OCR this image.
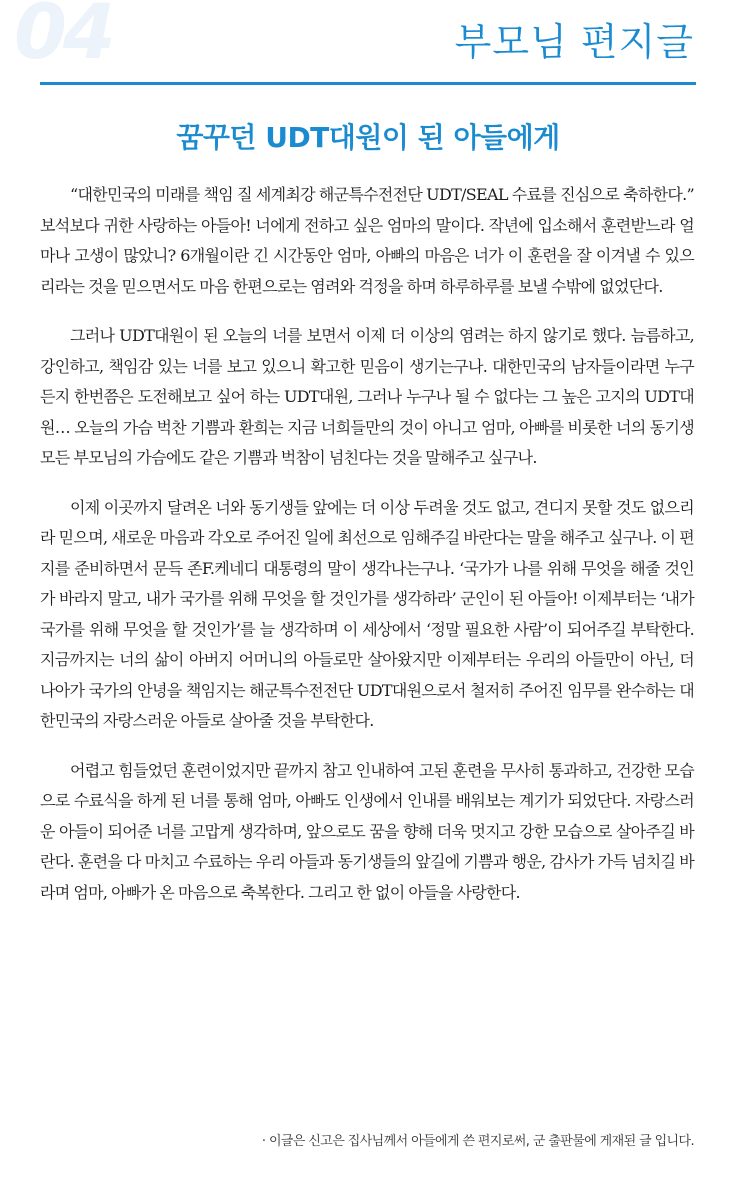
04	부모님 편지글
꿈꾸던 UDT대원이 된 아들에게

“대한민국의 미래를 책임 질 세계최강 해군특수전전단 UDT/SEAL 수료를 진심으로 축하한다.” 보석보다 귀한 사랑하는 아들아! 너에게 전하고 싶은 엄마의 말이다. 작년에 입소해서 훈련받느라 얼마나 고생이 많았니? 6개월이란 긴 시간동안 엄마, 아빠의 마음은 너가 이 훈련을 잘 이겨낼 수 있으리라는 것을 믿으면서도 마음 한편으로는 염려와 걱정을 하며 하루하루를 보낼 수밖에 없었단다.

그러나 UDT대원이 된 오늘의 너를 보면서 이제 더 이상의 염려는 하지 않기로 했다. 늠름하고, 강인하고, 책임감 있는 너를 보고 있으니 확고한 믿음이 생기는구나. 대한민국의 남자들이라면 누구든지 한번쯤은 도전해보고 싶어 하는 UDT대원, 그러나 누구나 될 수 없다는 그 높은 고지의 UDT대원… 오늘의 가슴 벅찬 기쁨과 환희는 지금 너희들만의 것이 아니고 엄마, 아빠를 비롯한 너의 동기생 모든 부모님의 가슴에도 같은 기쁨과 벅참이 넘친다는 것을 말해주고 싶구나.

이제 이곳까지 달려온 너와 동기생들 앞에는 더 이상 두려울 것도 없고, 견디지 못할 것도 없으리라 믿으며, 새로운 마음과 각오로 주어진 일에 최선으로 임해주길 바란다는 말을 해주고 싶구나. 이 편지를 준비하면서 문득 존F.케네디 대통령의 말이 생각나는구나. ‘국가가 나를 위해 무엇을 해줄 것인가 바라지 말고, 내가 국가를 위해 무엇을 할 것인가를 생각하라’ 군인이 된 아들아! 이제부터는 ‘내가 국가를 위해 무엇을 할 것인가’를 늘 생각하며 이 세상에서 ‘정말 필요한 사람’이 되어주길 부탁한다. 지금까지는 너의 삶이 아버지 어머니의 아들로만 살아왔지만 이제부터는 우리의 아들만이 아닌, 더 나아가 국가의 안녕을 책임지는 해군특수전전단 UDT대원으로서 철저히 주어진 임무를 완수하는 대한민국의 자랑스러운 아들로 살아줄 것을 부탁한다.

어렵고 힘들었던 훈련이었지만 끝까지 참고 인내하여 고된 훈련을 무사히 통과하고, 건강한 모습으로 수료식을 하게 된 너를 통해 엄마, 아빠도 인생에서 인내를 배워보는 계기가 되었단다. 자랑스러운 아들이 되어준 너를 고맙게 생각하며, 앞으로도 꿈을 향해 더욱 멋지고 강한 모습으로 살아주길 바란다. 훈련을 다 마치고 수료하는 우리 아들과 동기생들의 앞길에 기쁨과 행운, 감사가 가득 넘치길 바라며 엄마, 아빠가 온 마음으로 축복한다. 그리고 한 없이 아들을 사랑한다.

· 이글은 신고은 집사님께서 아들에게 쓴 편지로써, 군 출판물에 게재된 글 입니다.
